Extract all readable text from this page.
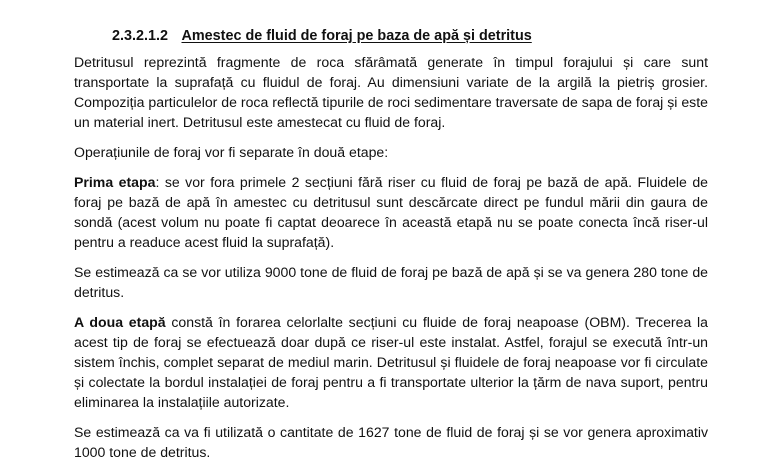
2.3.2.1.2 Amestec de fluid de foraj pe baza de apă și detritus

Detritusul reprezintă fragmente de roca sfărâmată generate în timpul forajului și care sunt transportate la suprafață cu fluidul de foraj. Au dimensiuni variate de la argilă la pietriș grosier. Compoziția particulelor de roca reflectă tipurile de roci sedimentare traversate de sapa de foraj și este un material inert. Detritusul este amestecat cu fluid de foraj.

Operațiunile de foraj vor fi separate în două etape:

Prima etapa: se vor fora primele 2 secțiuni fără riser cu fluid de foraj pe bază de apă. Fluidele de foraj pe bază de apă în amestec cu detritusul sunt descărcate direct pe fundul mării din gaura de sondă (acest volum nu poate fi captat deoarece în această etapă nu se poate conecta încă riser-ul pentru a readuce acest fluid la suprafață).

Se estimează ca se vor utiliza 9000 tone de fluid de foraj pe bază de apă și se va genera 280 tone de detritus.

A doua etapă constă în forarea celorlalte secțiuni cu fluide de foraj neapoase (OBM). Trecerea la acest tip de foraj se efectuează doar după ce riser-ul este instalat. Astfel, forajul se execută într-un sistem închis, complet separat de mediul marin. Detritusul și fluidele de foraj neapoase vor fi circulate și colectate la bordul instalației de foraj pentru a fi transportate ulterior la țărm de nava suport, pentru eliminarea la instalațiile autorizate.

Se estimează ca va fi utilizată o cantitate de 1627 tone de fluid de foraj și se vor genera aproximativ 1000 tone de detritus.
